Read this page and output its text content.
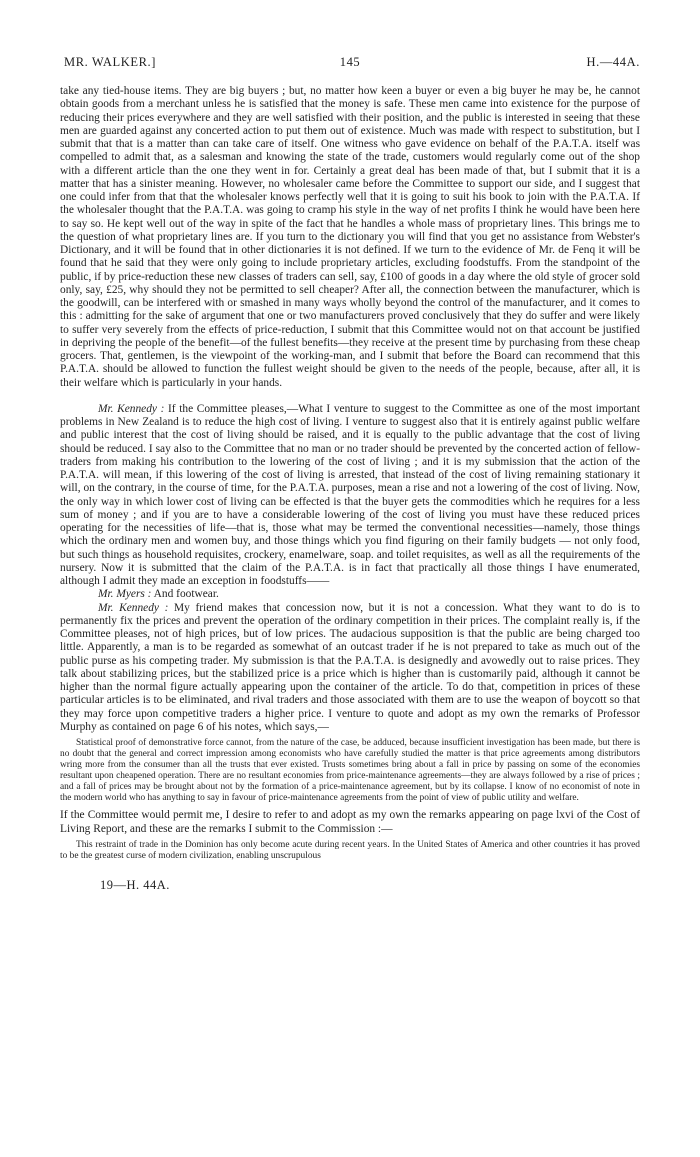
MR. WALKER.]	145	H.—44A.

take any tied-house items. They are big buyers ; but, no matter how keen a buyer or even a big buyer he may be, he cannot obtain goods from a merchant unless he is satisfied that the money is safe. These men came into existence for the purpose of reducing their prices everywhere and they are well satisfied with their position, and the public is interested in seeing that these men are guarded against any concerted action to put them out of existence. Much was made with respect to substitution, but I submit that that is a matter than can take care of itself. One witness who gave evidence on behalf of the P.A.T.A. itself was compelled to admit that, as a salesman and knowing the state of the trade, customers would regularly come out of the shop with a different article than the one they went in for. Certainly a great deal has been made of that, but I submit that it is a matter that has a sinister meaning. However, no wholesaler came before the Committee to support our side, and I suggest that one could infer from that that the wholesaler knows perfectly well that it is going to suit his book to join with the P.A.T.A. If the wholesaler thought that the P.A.T.A. was going to cramp his style in the way of net profits I think he would have been here to say so. He kept well out of the way in spite of the fact that he handles a whole mass of proprietary lines. This brings me to the question of what proprietary lines are. If you turn to the dictionary you will find that you get no assistance from Webster's Dictionary, and it will be found that in other dictionaries it is not defined. If we turn to the evidence of Mr. de Fenq it will be found that he said that they were only going to include proprietary articles, excluding foodstuffs. From the standpoint of the public, if by price-reduction these new classes of traders can sell, say, £100 of goods in a day where the old style of grocer sold only, say, £25, why should they not be permitted to sell cheaper? After all, the connection between the manufacturer, which is the goodwill, can be interfered with or smashed in many ways wholly beyond the control of the manufacturer, and it comes to this : admitting for the sake of argument that one or two manufacturers proved conclusively that they do suffer and were likely to suffer very severely from the effects of price-reduction, I submit that this Committee would not on that account be justified in depriving the people of the benefit—of the fullest benefits—they receive at the present time by purchasing from these cheap grocers. That, gentlemen, is the viewpoint of the working-man, and I submit that before the Board can recommend that this P.A.T.A. should be allowed to function the fullest weight should be given to the needs of the people, because, after all, it is their welfare which is particularly in your hands.

Mr. Kennedy : If the Committee pleases,—What I venture to suggest to the Committee as one of the most important problems in New Zealand is to reduce the high cost of living. I venture to suggest also that it is entirely against public welfare and public interest that the cost of living should be raised, and it is equally to the public advantage that the cost of living should be reduced. I say also to the Committee that no man or no trader should be prevented by the concerted action of fellow-traders from making his contribution to the lowering of the cost of living ; and it is my submission that the action of the P.A.T.A. will mean, if this lowering of the cost of living is arrested, that instead of the cost of living remaining stationary it will, on the contrary, in the course of time, for the P.A.T.A. purposes, mean a rise and not a lowering of the cost of living. Now, the only way in which lower cost of living can be effected is that the buyer gets the commodities which he requires for a less sum of money ; and if you are to have a considerable lowering of the cost of living you must have these reduced prices operating for the necessities of life—that is, those what may be termed the conventional necessities—namely, those things which the ordinary men and women buy, and those things which you find figuring on their family budgets — not only food, but such things as household requisites, crockery, enamelware, soap. and toilet requisites, as well as all the requirements of the nursery. Now it is submitted that the claim of the P.A.T.A. is in fact that practically all those things I have enumerated, although I admit they made an exception in foodstuffs——

Mr. Myers : And footwear.

Mr. Kennedy : My friend makes that concession now, but it is not a concession. What they want to do is to permanently fix the prices and prevent the operation of the ordinary competition in their prices. The complaint really is, if the Committee pleases, not of high prices, but of low prices. The audacious supposition is that the public are being charged too little. Apparently, a man is to be regarded as somewhat of an outcast trader if he is not prepared to take as much out of the public purse as his competing trader. My submission is that the P.A.T.A. is designedly and avowedly out to raise prices. They talk about stabilizing prices, but the stabilized price is a price which is higher than is customarily paid, although it cannot be higher than the normal figure actually appearing upon the container of the article. To do that, competition in prices of these particular articles is to be eliminated, and rival traders and those associated with them are to use the weapon of boycott so that they may force upon competitive traders a higher price. I venture to quote and adopt as my own the remarks of Professor Murphy as contained on page 6 of his notes, which says,—

Statistical proof of demonstrative force cannot, from the nature of the case, be adduced, because insufficient investigation has been made, but there is no doubt that the general and correct impression among economists who have carefully studied the matter is that price agreements among distributors wring more from the consumer than all the trusts that ever existed. Trusts sometimes bring about a fall in price by passing on some of the economies resultant upon cheapened operation. There are no resultant economies from price-maintenance agreements—they are always followed by a rise of prices ; and a fall of prices may be brought about not by the formation of a price-maintenance agreement, but by its collapse. I know of no economist of note in the modern world who has anything to say in favour of price-maintenance agreements from the point of view of public utility and welfare.

If the Committee would permit me, I desire to refer to and adopt as my own the remarks appearing on page lxvi of the Cost of Living Report, and these are the remarks I submit to the Commission :—

This restraint of trade in the Dominion has only become acute during recent years. In the United States of America and other countries it has proved to be the greatest curse of modern civilization, enabling unscrupulous

19—H. 44A.
